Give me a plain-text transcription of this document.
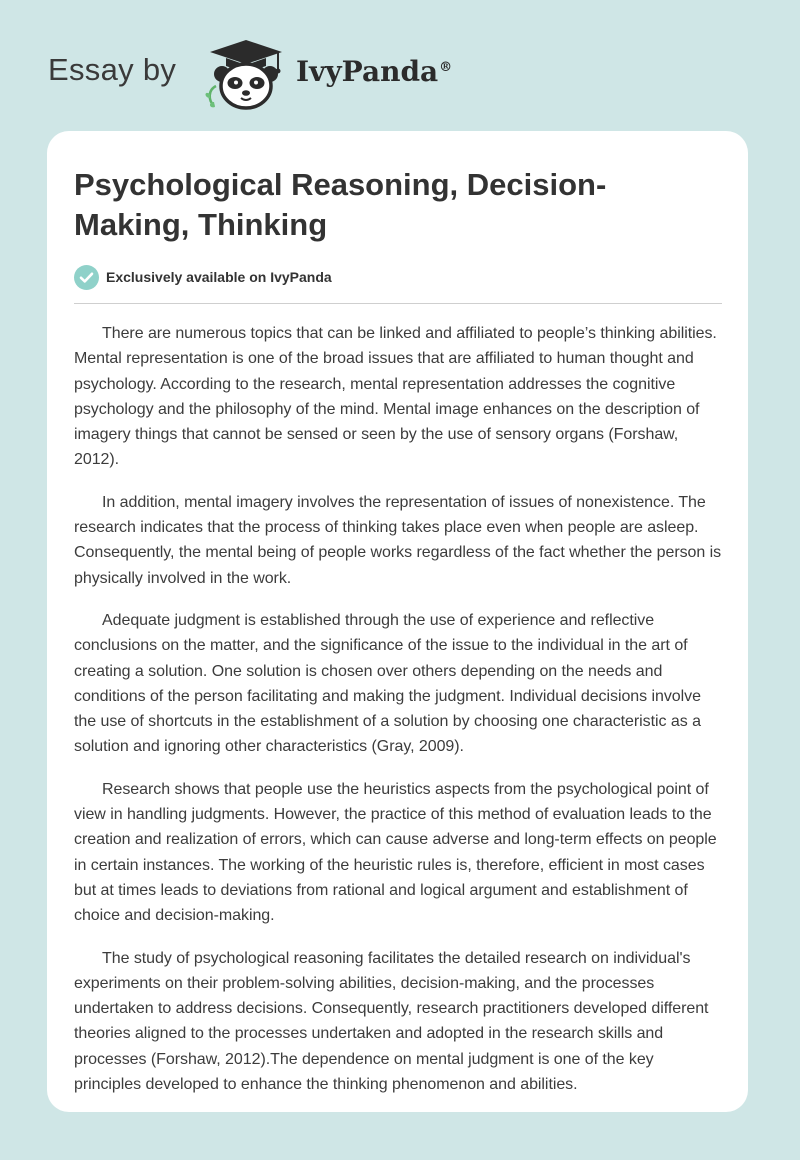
Essay by	IvyPanda®
Psychological Reasoning, Decision-Making, Thinking
Exclusively available on IvyPanda

There are numerous topics that can be linked and affiliated to people’s thinking abilities. Mental representation is one of the broad issues that are affiliated to human thought and psychology. According to the research, mental representation addresses the cognitive psychology and the philosophy of the mind. Mental image enhances on the description of imagery things that cannot be sensed or seen by the use of sensory organs (Forshaw, 2012).

In addition, mental imagery involves the representation of issues of nonexistence. The research indicates that the process of thinking takes place even when people are asleep. Consequently, the mental being of people works regardless of the fact whether the person is physically involved in the work.

Adequate judgment is established through the use of experience and reflective conclusions on the matter, and the significance of the issue to the individual in the art of creating a solution. One solution is chosen over others depending on the needs and conditions of the person facilitating and making the judgment. Individual decisions involve the use of shortcuts in the establishment of a solution by choosing one characteristic as a solution and ignoring other characteristics (Gray, 2009).

Research shows that people use the heuristics aspects from the psychological point of view in handling judgments. However, the practice of this method of evaluation leads to the creation and realization of errors, which can cause adverse and long-term effects on people in certain instances. The working of the heuristic rules is, therefore, efficient in most cases but at times leads to deviations from rational and logical argument and establishment of choice and decision-making.

The study of psychological reasoning facilitates the detailed research on individual's experiments on their problem-solving abilities, decision-making, and the processes undertaken to address decisions. Consequently, research practitioners developed different theories aligned to the processes undertaken and adopted in the research skills and processes (Forshaw, 2012).The dependence on mental judgment is one of the key principles developed to enhance the thinking phenomenon and abilities.
